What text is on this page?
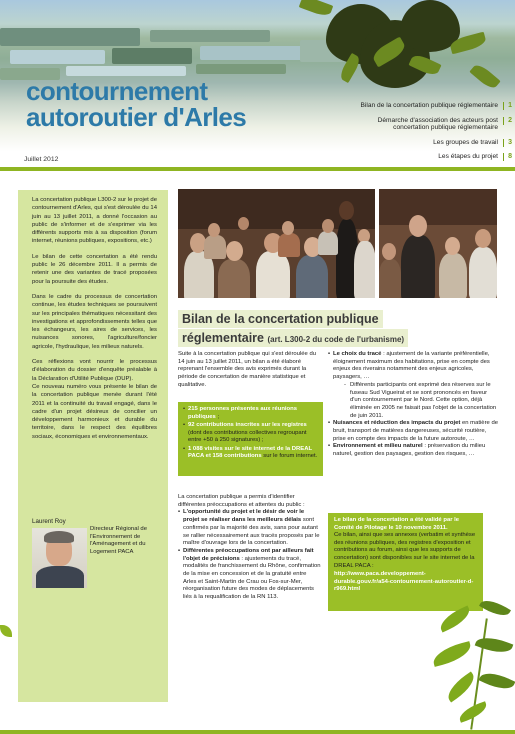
contournement
autoroutier d'Arles	Bilan de la concertation publique réglementaire 1
Démarche d'association des acteurs post concertation publique réglementaire
2
Les groupes de travail 3
Les étapes du projet 8
Juillet 2012

La concertation publique L300-2 sur le projet de contournement d'Arles, qui s'est déroulée du 14 juin au 13 juillet 2011, a donné l'occasion au public de s'informer et de s'exprimer via les différents supports mis à sa disposition (forum internet, réunions publiques, expositions, etc.)

Le bilan de cette concertation a été rendu public le 26 décembre 2011. Il a permis de retenir une des variantes de tracé proposées pour la poursuite des études.

Dans le cadre du processus de concertation continue, les études techniques se poursuivent sur les principales thématiques nécessitant des investigations et approfondissements telles que les échangeurs, les aires de services, les nuisances sonores, l'agriculture/foncier agricole, l'hydraulique, les milieux naturels.

Ces réflexions vont nourrir le processus d'élaboration du dossier d'enquête préalable à la Déclaration d'Utilité Publique (DUP).

Ce nouveau numéro vous présente le bilan de la concertation publique menée durant l'été 2011 et la continuité du travail engagé, dans le cadre d'un projet désireux de concilier un développement harmonieux et durable du territoire, dans le respect des équilibres sociaux, économiques et environnementaux.

Laurent Roy
Directeur Régional de l'Environnement de l'Aménagement et du Logement PACA
Bilan de la concertation publique
réglementaire (art. L300-2 du code de l'urbanisme)
Suite à la concertation publique qui s'est déroulée du 14 juin au 13 juillet 2011, un bilan a été élaboré reprenant l'ensemble des avis exprimés durant la période de concertation de manière statistique et qualitative.
• 215 personnes présentes aux réunions publiques ;
• 92 contributions inscrites sur les registres (dont des contributions collectives regroupant entre +50 à 250 signatures) ;
• 1 088 visites sur le site internet de la DREAL PACA et 158 contributions sur le forum internet.
La concertation publique a permis d'identifier différentes préoccupations et attentes du public :
• L'opportunité du projet et le désir de voir le projet se réaliser dans les meilleurs délais sont confirmés par la majorité des avis, sans pour autant se rallier nécessairement aux tracés proposés par le maître d'ouvrage lors de la concertation.
• Différentes préoccupations ont par ailleurs fait l'objet de précisions : ajustements du tracé, modalités de franchissement du Rhône, confirmation de la mise en concession et de la gratuité entre Arles et Saint-Martin de Crau ou Fos-sur-Mer, réorganisation future des modes de déplacements liés à la requalification de la RN 113.
• Le choix du tracé : ajustement de la variante préférentielle, éloignement maximum des habitations, prise en compte des enjeux des riverains notamment des enjeux agricoles, paysagers, …
- Différents participants ont exprimé des réserves sur le fuseau Sud Vigueirat et se sont prononcés en faveur d'un contournement par le Nord. Cette option, déjà éliminée en 2005 ne faisait pas l'objet de la concertation de juin 2011.
• Nuisances et réduction des impacts du projet en matière de bruit, transport de matières dangereuses, sécurité routière, prise en compte des impacts de la future autoroute, …
• Environnement et milieu naturel : préservation du milieu naturel, gestion des paysages, gestion des risques, …
Le bilan de la concertation a été validé par le Comité de Pilotage le 10 novembre 2011.
Ce bilan, ainsi que ses annexes (verbatim et synthèse des réunions publiques, des registres d'exposition et contributions au forum, ainsi que les supports de concertation) sont disponibles sur le site internet de la DREAL PACA :
http://www.paca.developpement-durable.gouv.fr/a54-contournement-autoroutier-d-r969.html
